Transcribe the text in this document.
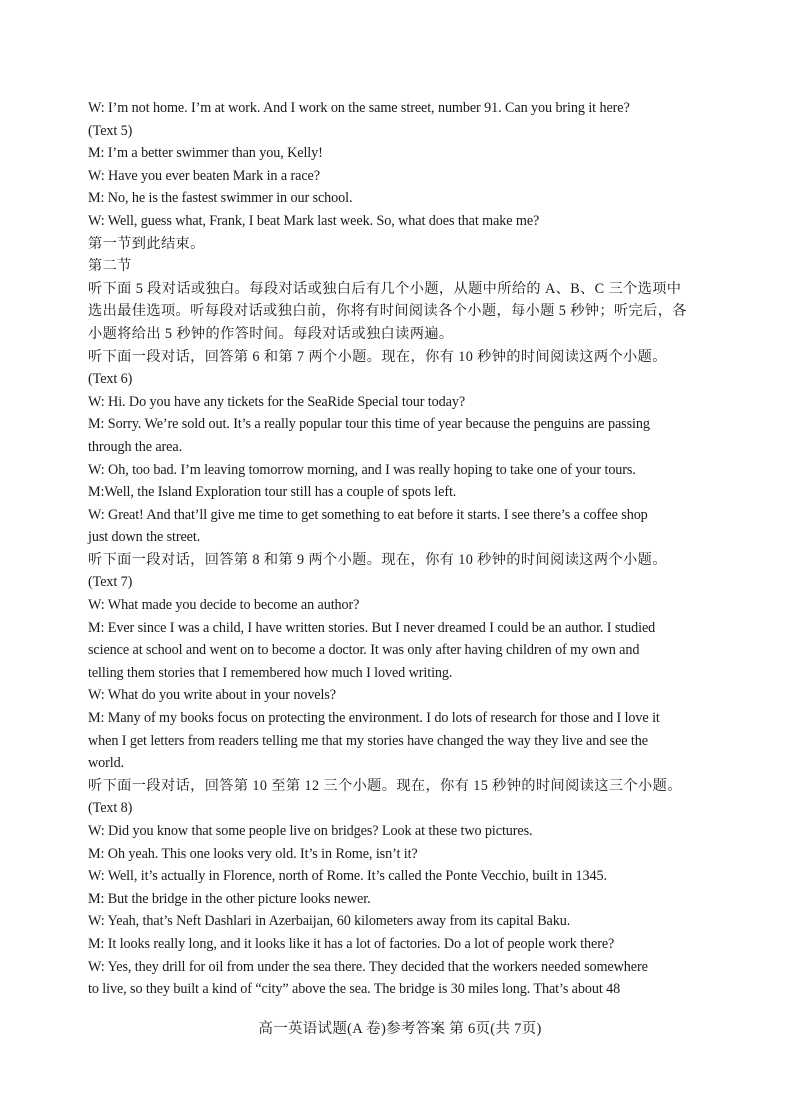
W: I’m not home. I’m at work. And I work on the same street, number 91. Can you bring it here?
(Text 5)
M: I’m a better swimmer than you, Kelly!
W: Have you ever beaten Mark in a race?
M: No, he is the fastest swimmer in our school.
W: Well, guess what, Frank, I beat Mark last week. So, what does that make me?
第一节到此结束。
第二节
听下面 5 段对话或独白。每段对话或独白后有几个小题，从题中所给的 A、B、C 三个选项中
选出最佳选项。听每段对话或独白前，你将有时间阅读各个小题，每小题 5 秒钟；听完后，各
小题将给出 5 秒钟的作答时间。每段对话或独白读两遍。
听下面一段对话，回答第 6 和第 7 两个小题。现在，你有 10 秒钟的时间阅读这两个小题。
(Text 6)
W: Hi. Do you have any tickets for the SeaRide Special tour today?
M: Sorry. We’re sold out. It’s a really popular tour this time of year because the penguins are passing
through the area.
W: Oh, too bad. I’m leaving tomorrow morning, and I was really hoping to take one of your tours.
M:Well, the Island Exploration tour still has a couple of spots left.
W: Great! And that’ll give me time to get something to eat before it starts. I see there’s a coffee shop
just down the street.
听下面一段对话，回答第 8 和第 9 两个小题。现在，你有 10 秒钟的时间阅读这两个小题。
(Text 7)
W: What made you decide to become an author?
M: Ever since I was a child, I have written stories. But I never dreamed I could be an author. I studied
science at school and went on to become a doctor. It was only after having children of my own and
telling them stories that I remembered how much I loved writing.
W: What do you write about in your novels?
M: Many of my books focus on protecting the environment. I do lots of research for those and I love it
when I get letters from readers telling me that my stories have changed the way they live and see the
world.
听下面一段对话，回答第 10 至第 12 三个小题。现在，你有 15 秒钟的时间阅读这三个小题。
(Text 8)
W: Did you know that some people live on bridges? Look at these two pictures.
M: Oh yeah. This one looks very old. It’s in Rome, isn’t it?
W: Well, it’s actually in Florence, north of Rome. It’s called the Ponte Vecchio, built in 1345.
M: But the bridge in the other picture looks newer.
W: Yeah, that’s Neft Dashlari in Azerbaijan, 60 kilometers away from its capital Baku.
M: It looks really long, and it looks like it has a lot of factories. Do a lot of people work there?
W: Yes, they drill for oil from under the sea there. They decided that the workers needed somewhere
to live, so they built a kind of “city” above the sea. The bridge is 30 miles long. That’s about 48
高一英语试题(A 卷)参考答案 第 6页(共 7页)
